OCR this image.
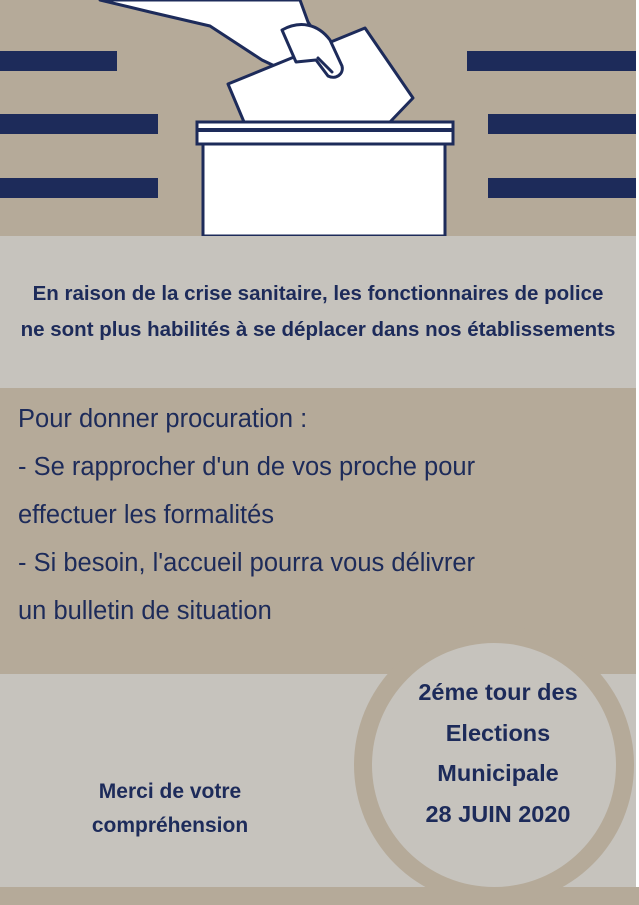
En raison de la crise sanitaire, les fonctionnaires de police ne sont plus habilités à se déplacer dans nos établissements

Pour donner procuration :
- Se rapprocher d'un de vos proche pour
effectuer les formalités
- Si besoin, l'accueil pourra vous délivrer
un bulletin de situation
Merci de votre compréhension
2éme tour des
Elections
Municipale
28 JUIN 2020
